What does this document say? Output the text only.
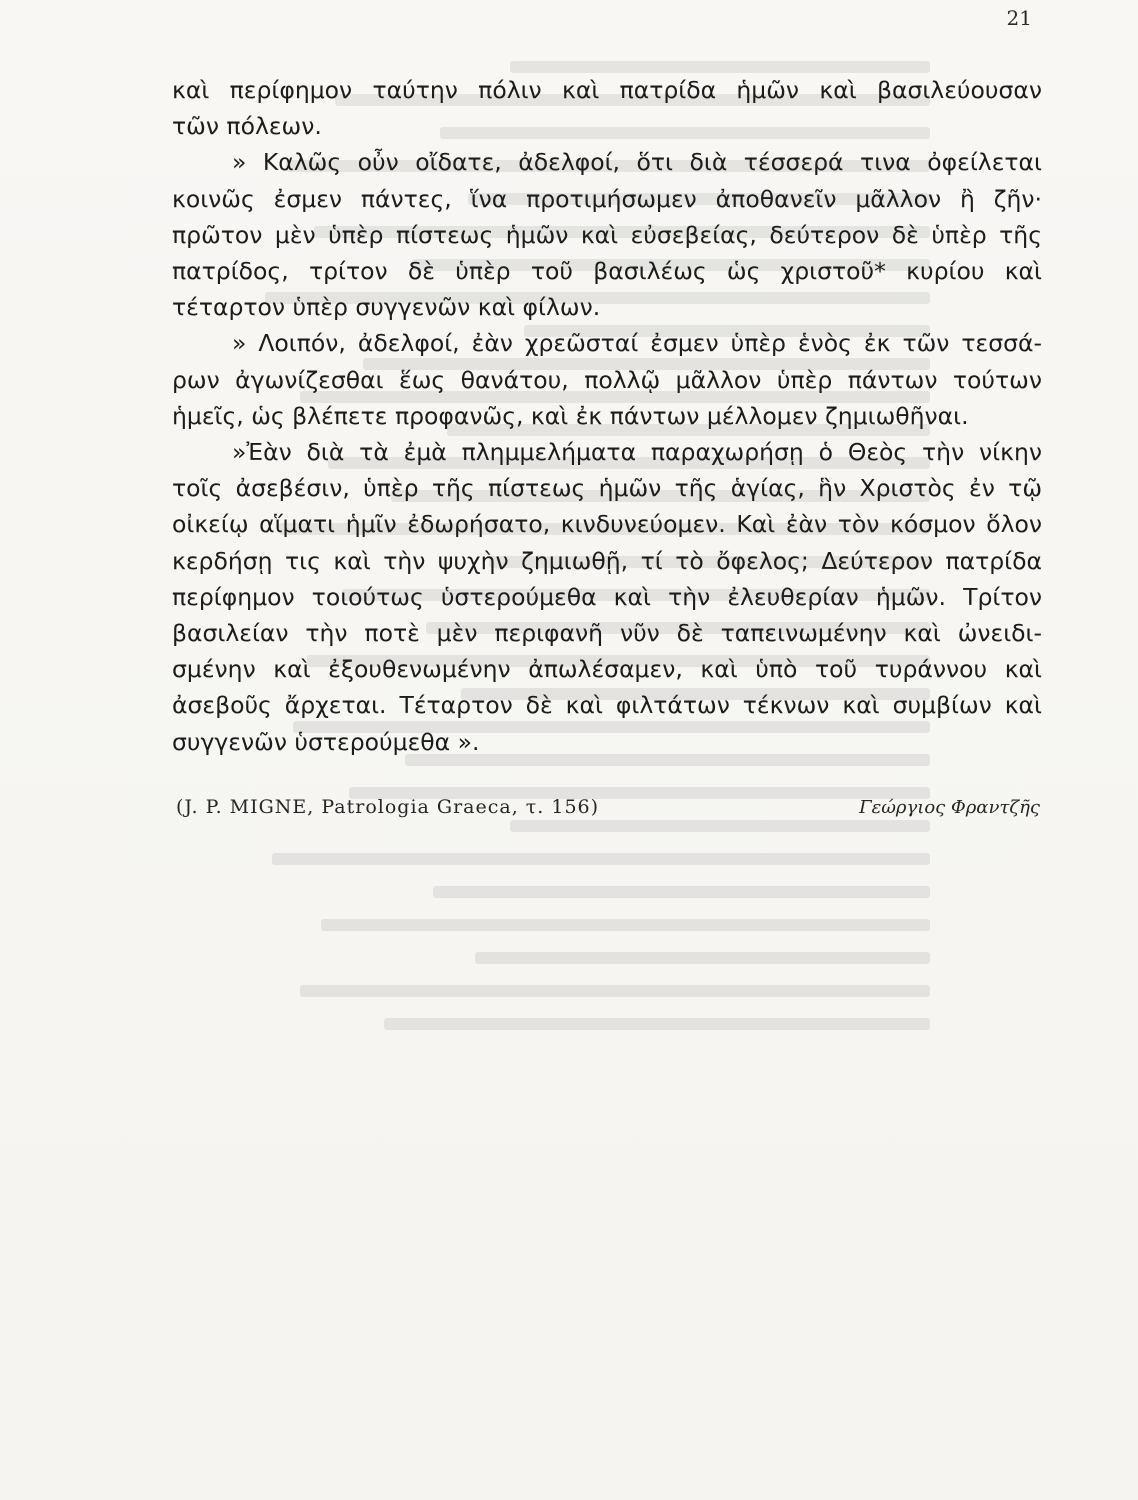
21
καὶ περίφημον ταύτην πόλιν καὶ πατρίδα ἡμῶν καὶ βασιλεύουσαν
τῶν πόλεων.
» Καλῶς οὖν οἴδατε, ἀδελφοί, ὅτι διὰ τέσσερά τινα ὀφείλεται
κοινῶς ἐσμεν πάντες, ἵνα προτιμήσωμεν ἀποθανεῖν μᾶλλον ἢ ζῆν·
πρῶτον μὲν ὑπὲρ πίστεως ἡμῶν καὶ εὐσεβείας, δεύτερον δὲ ὑπὲρ τῆς
πατρίδος, τρίτον δὲ ὑπὲρ τοῦ βασιλέως ὡς χριστοῦ* κυρίου καὶ
τέταρτον ὑπὲρ συγγενῶν καὶ φίλων.
» Λοιπόν, ἀδελφοί, ἐὰν χρεῶσταί ἐσμεν ὑπὲρ ἑνὸς ἐκ τῶν τεσσά-
ρων ἀγωνίζεσθαι ἕως θανάτου, πολλῷ μᾶλλον ὑπὲρ πάντων τούτων
ἡμεῖς, ὡς βλέπετε προφανῶς, καὶ ἐκ πάντων μέλλομεν ζημιωθῆναι.
»Ἐὰν διὰ τὰ ἐμὰ πλημμελήματα παραχωρήσῃ ὁ Θεὸς τὴν νίκην
τοῖς ἀσεβέσιν, ὑπὲρ τῆς πίστεως ἡμῶν τῆς ἁγίας, ἣν Χριστὸς ἐν τῷ
οἰκείῳ αἵματι ἡμῖν ἐδωρήσατο, κινδυνεύομεν. Καὶ ἐὰν τὸν κόσμον ὅλον
κερδήσῃ τις καὶ τὴν ψυχὴν ζημιωθῇ, τί τὸ ὄφελος; Δεύτερον πατρίδα
περίφημον τοιούτως ὑστερούμεθα καὶ τὴν ἐλευθερίαν ἡμῶν. Τρίτον
βασιλείαν τὴν ποτὲ μὲν περιφανῆ νῦν δὲ ταπεινωμένην καὶ ὠνειδι-
σμένην καὶ ἐξουθενωμένην ἀπωλέσαμεν, καὶ ὑπὸ τοῦ τυράννου καὶ
ἀσεβοῦς ἄρχεται. Τέταρτον δὲ καὶ φιλτάτων τέκνων καὶ συμβίων καὶ
συγγενῶν ὑστερούμεθα ».
(J. P. MIGNE, Patrologia Graeca, τ. 156)	Γεώργιος Φραντζῆς
